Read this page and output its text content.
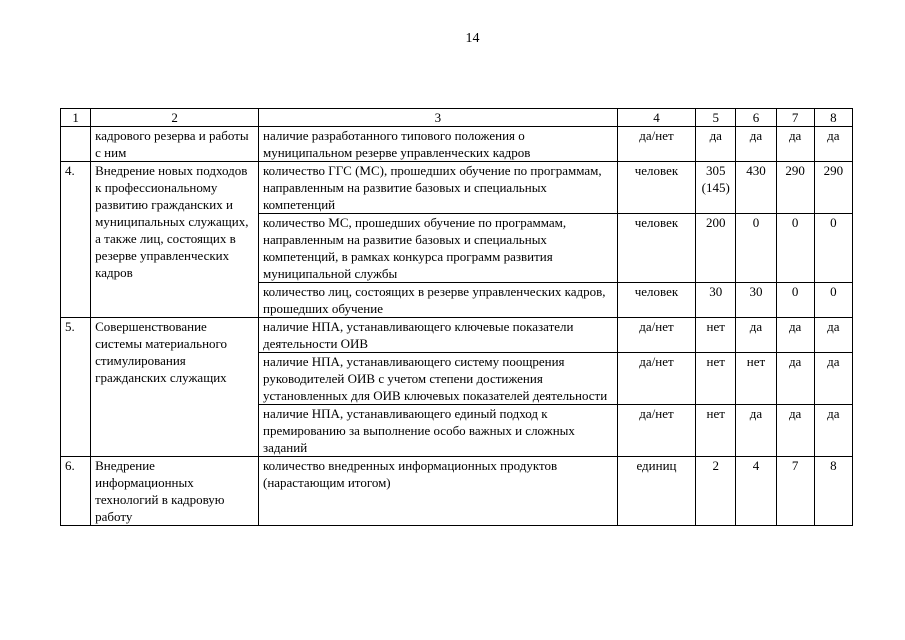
14
1	2	3	4	5	6	7	8
	кадрового резерва и работы с ним	наличие разработанного типового положения о муниципальном резерве управленческих кадров	да/нет	да	да	да	да
4.	Внедрение новых подходов к профессиональному развитию гражданских и муниципальных служащих, а также лиц, состоящих в резерве управленческих кадров	количество ГГС (МС), прошедших обучение по программам, направленным на развитие базовых и специальных компетенций	человек	305 (145)	430	290	290
		количество МС, прошедших обучение по программам, направленным на развитие базовых и специальных компетенций, в рамках конкурса программ развития муниципальной службы	человек	200	0	0	0
		количество лиц, состоящих в резерве управленческих кадров, прошедших обучение	человек	30	30	0	0
5.	Совершенствование системы материального стимулирования гражданских служащих	наличие НПА, устанавливающего ключевые показатели деятельности ОИВ	да/нет	нет	да	да	да
		наличие НПА, устанавливающего систему поощрения руководителей ОИВ с учетом степени достижения установленных для ОИВ ключевых показателей деятельности	да/нет	нет	нет	да	да
		наличие НПА, устанавливающего единый подход к премированию за выполнение особо важных и сложных заданий	да/нет	нет	да	да	да
6.	Внедрение информационных технологий в кадровую работу	количество внедренных информационных продуктов (нарастающим итогом)	единиц	2	4	7	8
